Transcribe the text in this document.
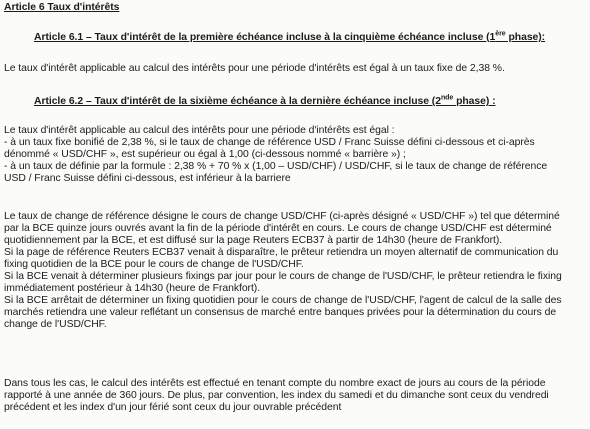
Article 6 Taux d'intérêts
Article 6.1 – Taux d'intérêt de la première échéance incluse à la cinquième échéance incluse (1ère phase):
Le taux d'intérêt applicable au calcul des intérêts pour une période d'intérêts est égal à un taux fixe de 2,38 %.
Article 6.2 – Taux d'intérêt de la sixième échéance à la dernière échéance incluse (2nde phase) :
Le taux d'intérêt applicable au calcul des intérêts pour une période d'intérêts est égal :
- à un taux fixe bonifié de 2,38 %, si le taux de change de référence USD / Franc Suisse défini ci-dessous et ci-après
dénommé « USD/CHF », est supérieur ou égal à 1,00 (ci-dessous nommé « barrière ») ;
- à un taux de définie par la formule : 2,38 % + 70 % x (1,00 – USD/CHF) / USD/CHF, si le taux de change de référence
USD / Franc Suisse défini ci-dessous, est inférieur à la barriere
Le taux de change de référence désigne le cours de change USD/CHF (ci-après désigné « USD/CHF ») tel que déterminé
par la BCE quinze jours ouvrés avant la fin de la période d'intérêt en cours. Le cours de change USD/CHF est déterminé
quotidiennement par la BCE, et est diffusé sur la page Reuters ECB37 à partir de 14h30 (heure de Frankfort).
Si la page de référence Reuters ECB37 venait à disparaître, le prêteur retiendra un moyen alternatif de communication du
fixing quotidien de la BCE pour le cours de change de l'USD/CHF.
Si la BCE venait à déterminer plusieurs fixings par jour pour le cours de change de l'USD/CHF, le prêteur retiendra le fixing
immédiatement postérieur à 14h30 (heure de Frankfort).
Si la BCE arrêtait de déterminer un fixing quotidien pour le cours de change de l'USD/CHF, l'agent de calcul de la salle des
marchés retiendra une valeur reflétant un consensus de marché entre banques privées pour la détermination du cours de
change de l'USD/CHF.
Dans tous les cas, le calcul des intérêts est effectué en tenant compte du nombre exact de jours au cours de la période
rapporté à une année de 360 jours. De plus, par convention, les index du samedi et du dimanche sont ceux du vendredi
précédent et les index d'un jour férié sont ceux du jour ouvrable précédent
